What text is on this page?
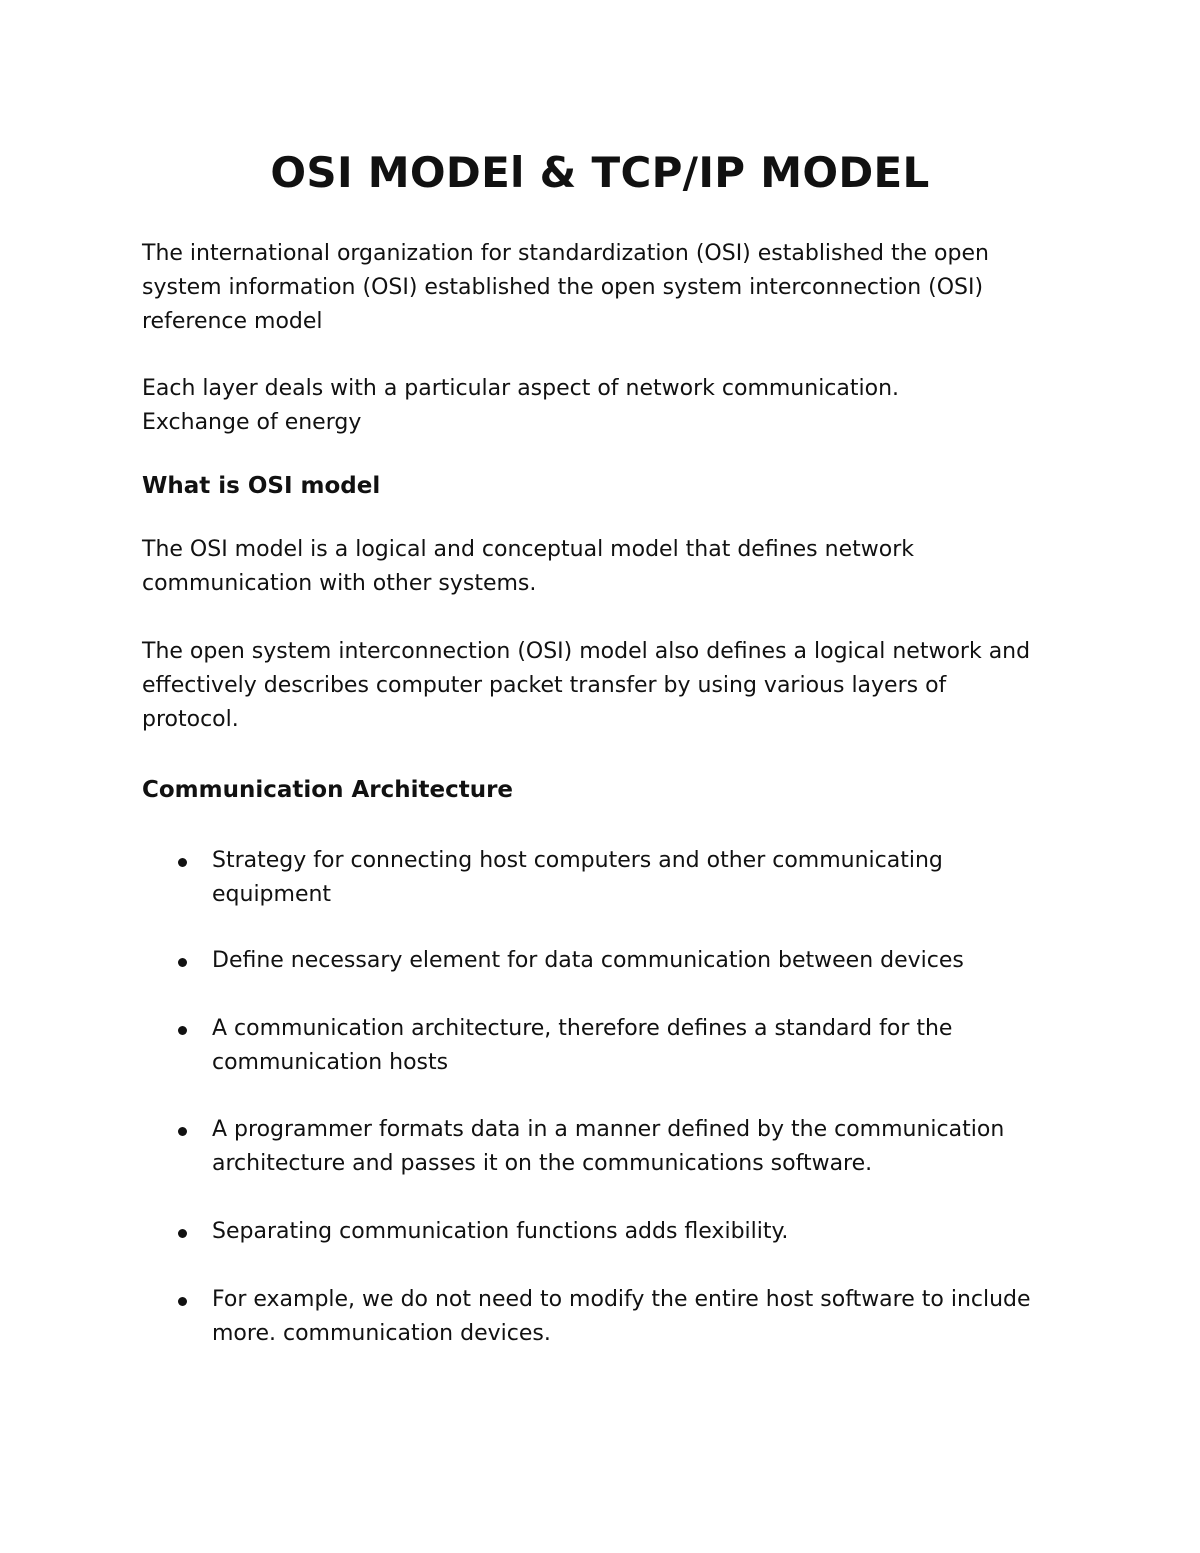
OSI MODEl & TCP/IP MODEL
The international organization for standardization (OSI) established the open
system information (OSI) established the open system interconnection (OSI)
reference model
Each layer deals with a particular aspect of network communication.
Exchange of energy
What is OSI model
The OSI model is a logical and conceptual model that defines network
communication with other systems.
The open system interconnection (OSI) model also defines a logical network and
effectively describes computer packet transfer by using various layers of
protocol.
Communication Architecture
Strategy for connecting host computers and other communicating
equipment
Define necessary element for data communication between devices
A communication architecture, therefore defines a standard for the
communication hosts
A programmer formats data in a manner defined by the communication
architecture and passes it on the communications software.
Separating communication functions adds flexibility.
For example, we do not need to modify the entire host software to include
more. communication devices.
